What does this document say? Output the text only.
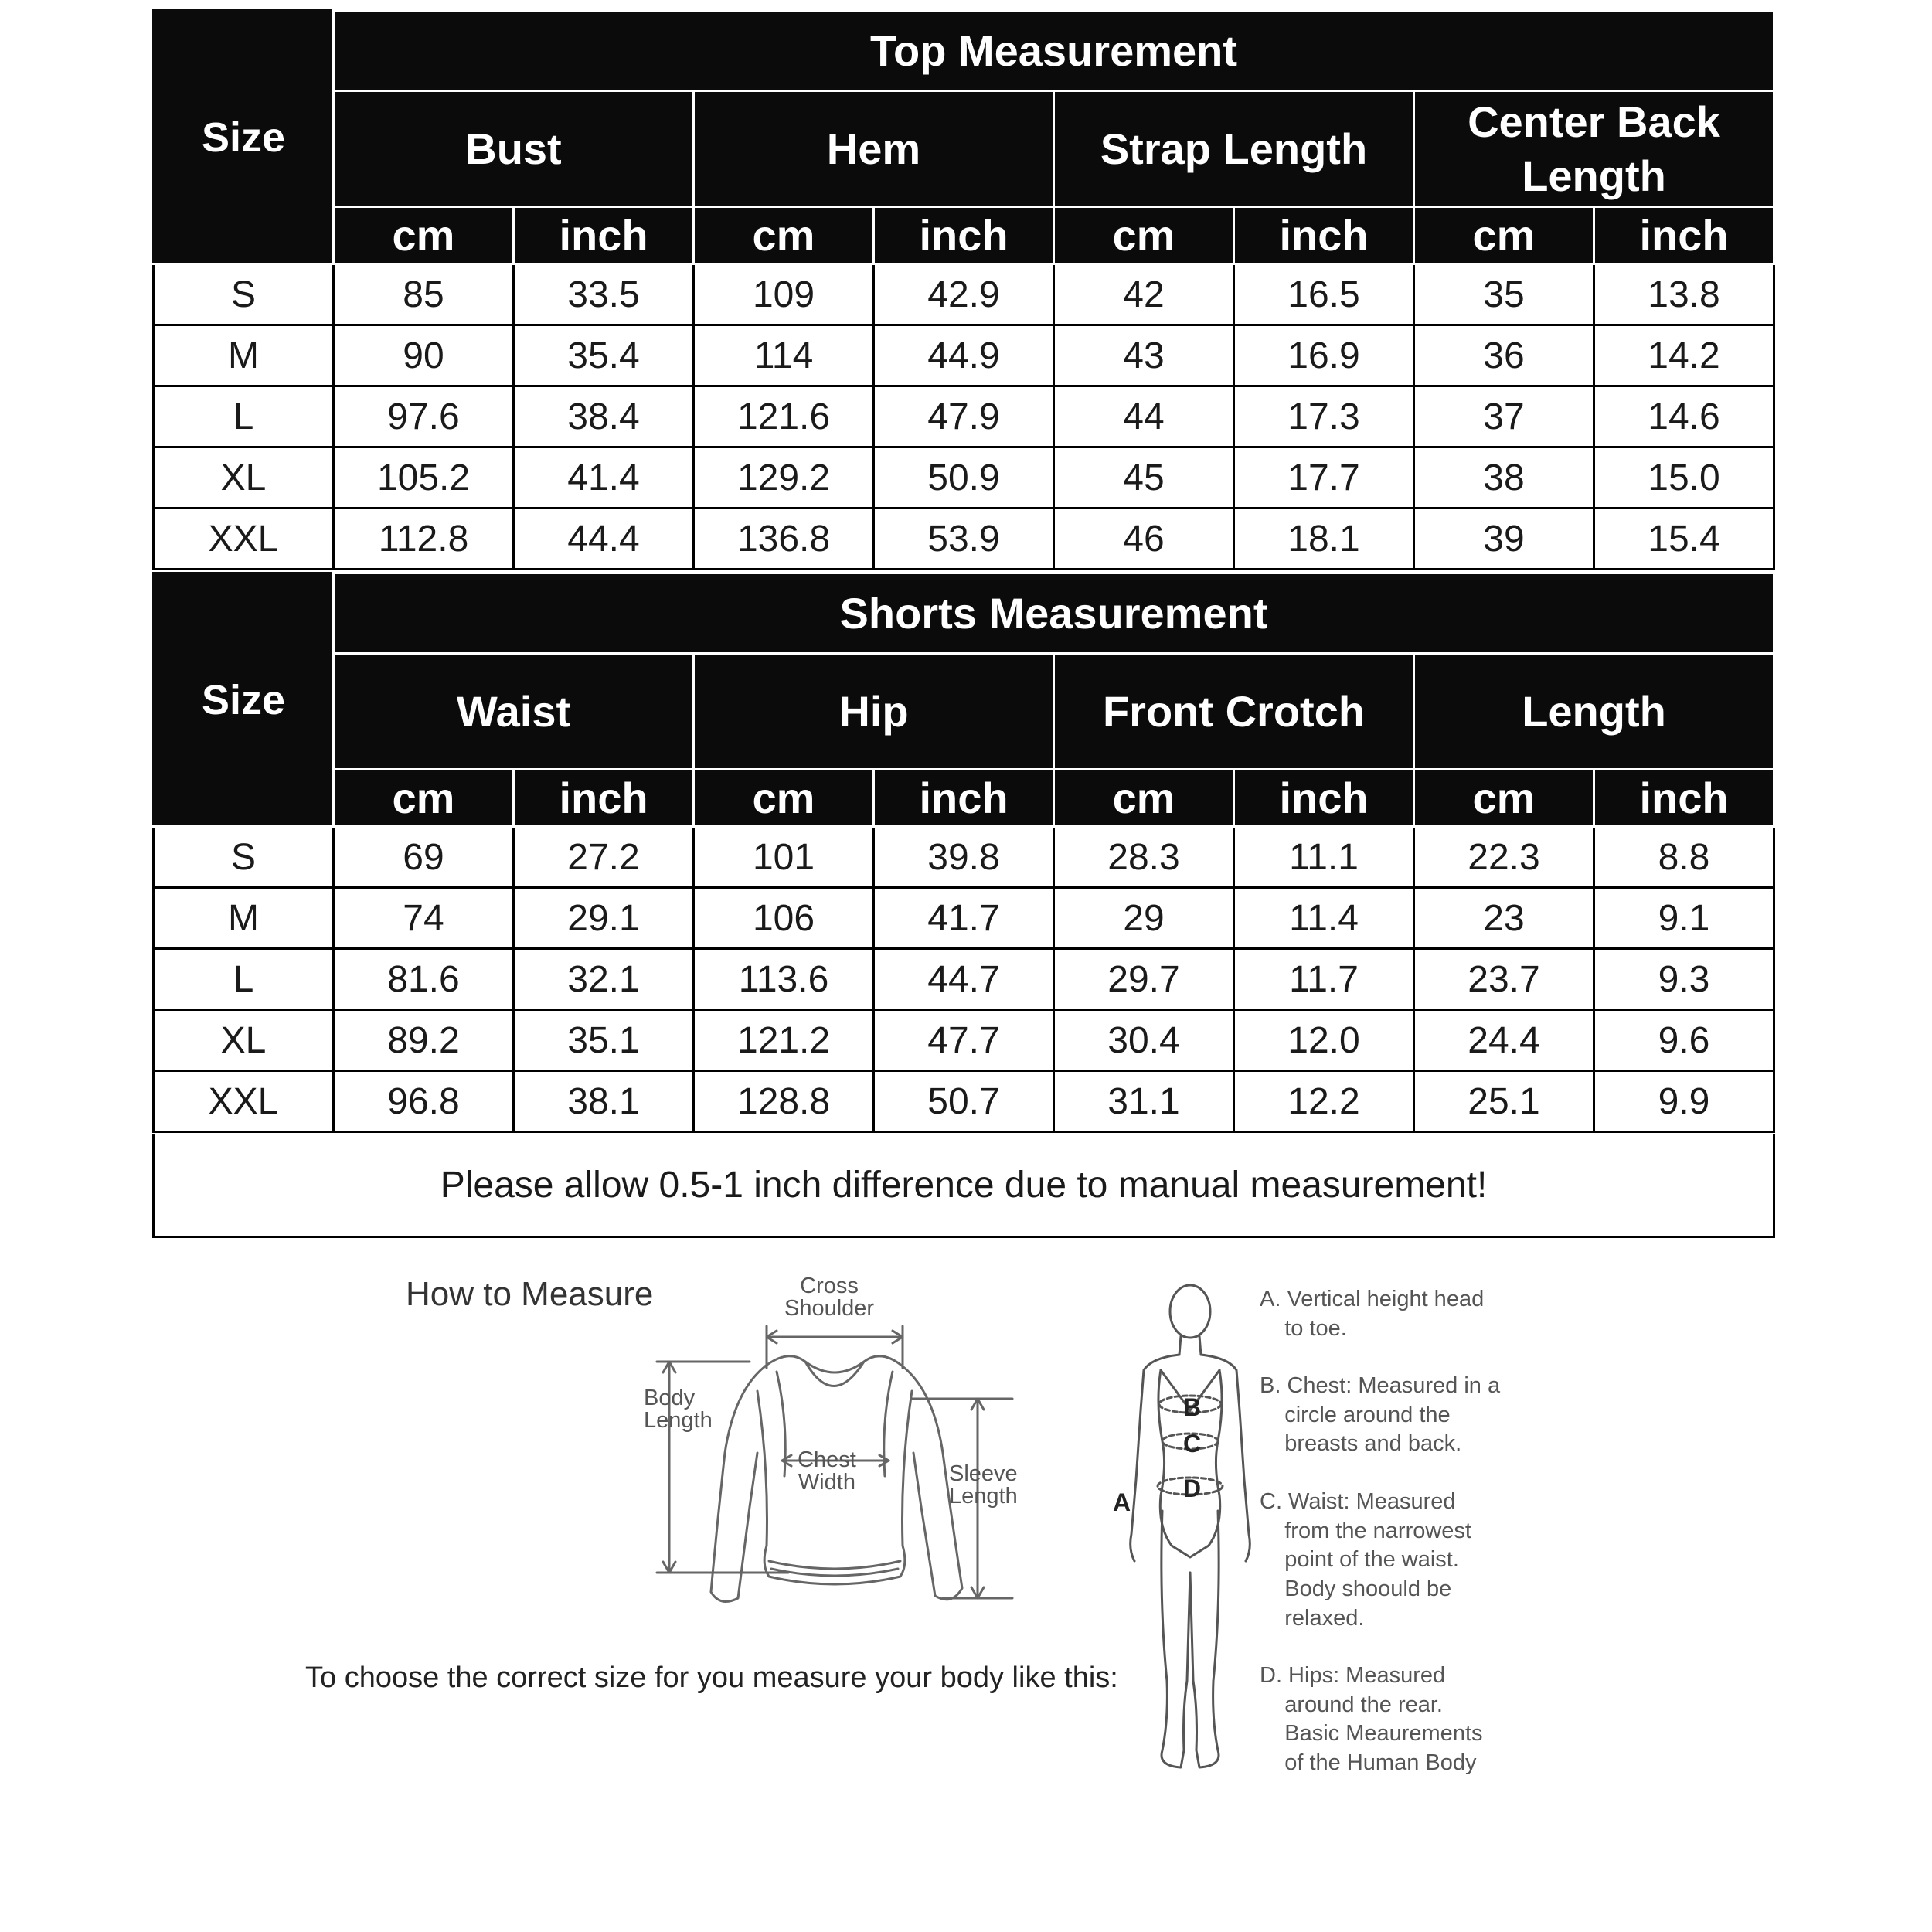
Size	Top Measurement							
	Bust		Hem		Strap Length		Center Back Length	
	cm	inch	cm	inch	cm	inch	cm	inch
S	85	33.5	109	42.9	42	16.5	35	13.8
M	90	35.4	114	44.9	43	16.9	36	14.2
L	97.6	38.4	121.6	47.9	44	17.3	37	14.6
XL	105.2	41.4	129.2	50.9	45	17.7	38	15.0
XXL	112.8	44.4	136.8	53.9	46	18.1	39	15.4
Size	Shorts Measurement							
	Waist		Hip		Front Crotch		Length	
	cm	inch	cm	inch	cm	inch	cm	inch
S	69	27.2	101	39.8	28.3	11.1	22.3	8.8
M	74	29.1	106	41.7	29	11.4	23	9.1
L	81.6	32.1	113.6	44.7	29.7	11.7	23.7	9.3
XL	89.2	35.1	121.2	47.7	30.4	12.0	24.4	9.6
XXL	96.8	38.1	128.8	50.7	31.1	12.2	25.1	9.9
Please allow 0.5-1 inch difference due to manual measurement!
How to Measure
To choose the correct size for you measure your body like this:
Cross
Shoulder
Body
Length
Chest
Width	Sleeve
Length	A
B
C
D
A. Vertical height head
to toe.
B. Chest: Measured in a
circle around the
breasts and back.
C. Waist: Measured
from the narrowest
point of the waist.
Body shoould be
relaxed.
D. Hips: Measured
around the rear.
Basic Meaurements
of the Human Body
